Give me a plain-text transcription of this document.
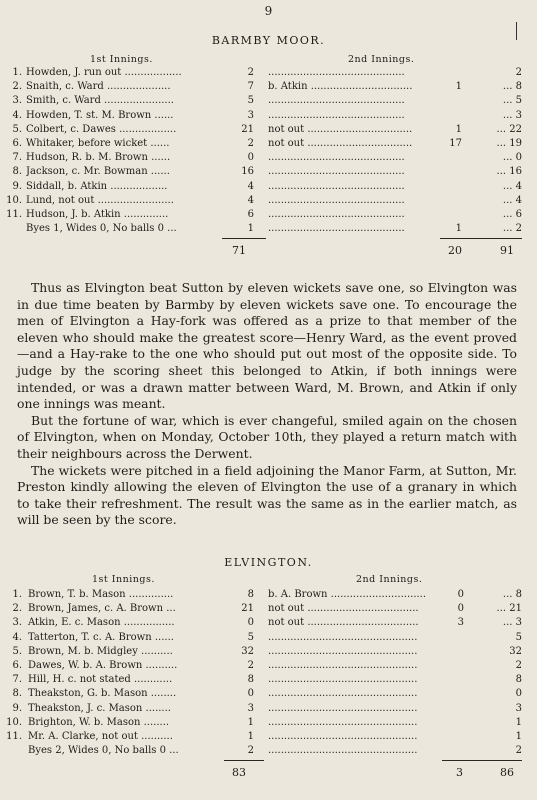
9
BARMBY MOOR.
1st Innings.	2nd Innings.
1. Howden, J. run out ..................	2 ...........................................	2
2. Snaith, c. Ward ....................	7 b. Atkin ................................	1	... 8
3. Smith, c. Ward ......................	5 ...........................................	... 5
4. Howden, T. st. M. Brown ......	3 ...........................................	... 3
5. Colbert, c. Dawes ..................	21 not out .................................	1	... 22
6. Whitaker, before wicket ......	2 not out .................................	17	... 19
7. Hudson, R. b. M. Brown ......	0 ...........................................	... 0
8. Jackson, c. Mr. Bowman ......	16 ...........................................	... 16
9. Siddall, b. Atkin ..................	4 ...........................................	... 4
10. Lund, not out ........................	4 ...........................................	... 4
11. Hudson, J. b. Atkin ..............	6 ...........................................	... 6
Byes 1, Wides 0, No balls 0 ...	1 ...........................................	1	... 2
71	20	91

Thus as Elvington beat Sutton by eleven wickets save one, so Elvington was in due time beaten by Barmby by eleven wickets save one. To encourage the men of Elvington a Hay-fork was offered as a prize to that member of the eleven who should make the greatest score—Henry Ward, as the event proved—and a Hay-rake to the one who should put out most of the opposite side. To judge by the scoring sheet this belonged to Atkin, if both innings were intended, or was a drawn matter between Ward, M. Brown, and Atkin if only one innings was meant.

But the fortune of war, which is ever changeful, smiled again on the chosen of Elvington, when on Monday, October 10th, they played a return match with their neighbours across the Derwent.

The wickets were pitched in a field adjoining the Manor Farm, at Sutton, Mr. Preston kindly allowing the eleven of Elvington the use of a granary in which to take their refreshment. The result was the same as in the earlier match, as will be seen by the score.

ELVINGTON.
1st Innings.	2nd Innings.
1. Brown, T. b. Mason ..............	8 b. A. Brown ..............................	0	... 8
2. Brown, James, c. A. Brown ...	21 not out ...................................	0	... 21
3. Atkin, E. c. Mason ................	0 not out ...................................	3	... 3
4. Tatterton, T. c. A. Brown ......	5 ...............................................	5
5. Brown, M. b. Midgley ..........	32 ...............................................	32
6. Dawes, W. b. A. Brown ..........	2 ...............................................	2
7. Hill, H. c. not stated ............	8 ...............................................	8
8. Theakston, G. b. Mason ........	0 ...............................................	0
9. Theakston, J. c. Mason ........	3 ...............................................	3
10. Brighton, W. b. Mason ........	1 ...............................................	1
11. Mr. A. Clarke, not out ..........	1 ...............................................	1
Byes 2, Wides 0, No balls 0 ...	2 ...............................................	2
83	3	86
